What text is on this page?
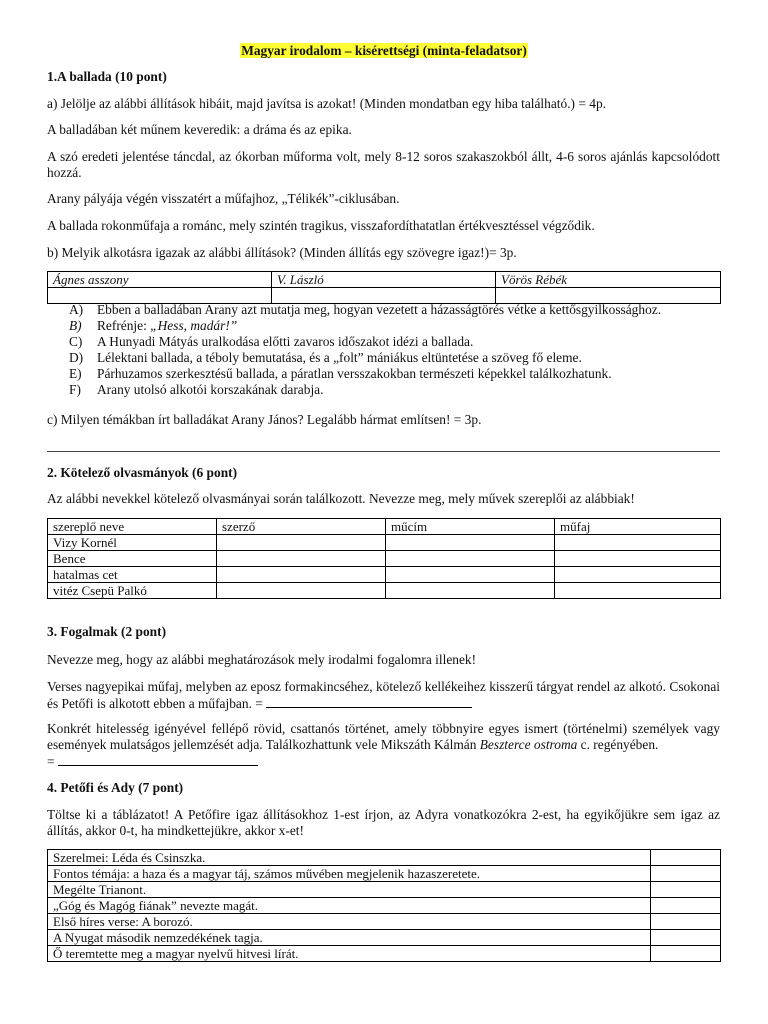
Magyar irodalom – kisérettségi (minta-feladatsor)
1.A ballada (10 pont)
a) Jelölje az alábbi állítások hibáit, majd javítsa is azokat! (Minden mondatban egy hiba található.) = 4p.
A balladában két műnem keveredik: a dráma és az epika.
A szó eredeti jelentése táncdal, az ókorban műforma volt, mely 8-12 soros szakaszokból állt, 4-6 soros ajánlás kapcsolódott hozzá.
Arany pályája végén visszatért a műfajhoz, „Télikék”-ciklusában.
A ballada rokonműfaja a románc, mely szintén tragikus, visszafordíthatatlan értékvesztéssel végződik.
b) Melyik alkotásra igazak az alábbi állítások? (Minden állítás egy szövegre igaz!)= 3p.
Ágnes asszony	V. László	Vörös Rébék

A)	Ebben a balladában Arany azt mutatja meg, hogyan vezetett a házasságtörés vétke a kettősgyilkossághoz.
B)	Refrénje: „Hess, madár!”
C)	A Hunyadi Mátyás uralkodása előtti zavaros időszakot idézi a ballada.
D)	Lélektani ballada, a téboly bemutatása, és a „folt” mániákus eltüntetése a szöveg fő eleme.
E)	Párhuzamos szerkesztésű ballada, a páratlan versszakokban természeti képekkel találkozhatunk.
F)	Arany utolsó alkotói korszakának darabja.
c) Milyen témákban írt balladákat Arany János? Legalább hármat említsen! = 3p.
2. Kötelező olvasmányok (6 pont)
Az alábbi nevekkel kötelező olvasmányai során találkozott. Nevezze meg, mely művek szereplői az alábbiak!
szereplő neve	szerző	műcím	műfaj
Vizy Kornél			
Bence			
hatalmas cet			
vitéz Csepü Palkó			
3. Fogalmak (2 pont)
Nevezze meg, hogy az alábbi meghatározások mely irodalmi fogalomra illenek!
Verses nagyepikai műfaj, melyben az eposz formakincséhez, kötelező kellékeihez kisszerű tárgyat rendel az alkotó. Csokonai és Petőfi is alkotott ebben a műfajban. =
Konkrét hitelesség igényével fellépő rövid, csattanós történet, amely többnyire egyes ismert (történelmi) személyek vagy események mulatságos jellemzését adja. Találkozhattunk vele Mikszáth Kálmán Beszterce ostroma c. regényében.
=
4. Petőfi és Ady (7 pont)
Töltse ki a táblázatot! A Petőfire igaz állításokhoz 1-est írjon, az Adyra vonatkozókra 2-est, ha egyikőjükre sem igaz az állítás, akkor 0-t, ha mindkettejükre, akkor x-et!
Szerelmei: Léda és Csinszka.	
Fontos témája: a haza és a magyar táj, számos művében megjelenik hazaszeretete.	
Megélte Trianont.	
„Góg és Magóg fiának” nevezte magát.	
Első híres verse: A borozó.	
A Nyugat második nemzedékének tagja.	
Ő teremtette meg a magyar nyelvű hitvesi lírát.	
